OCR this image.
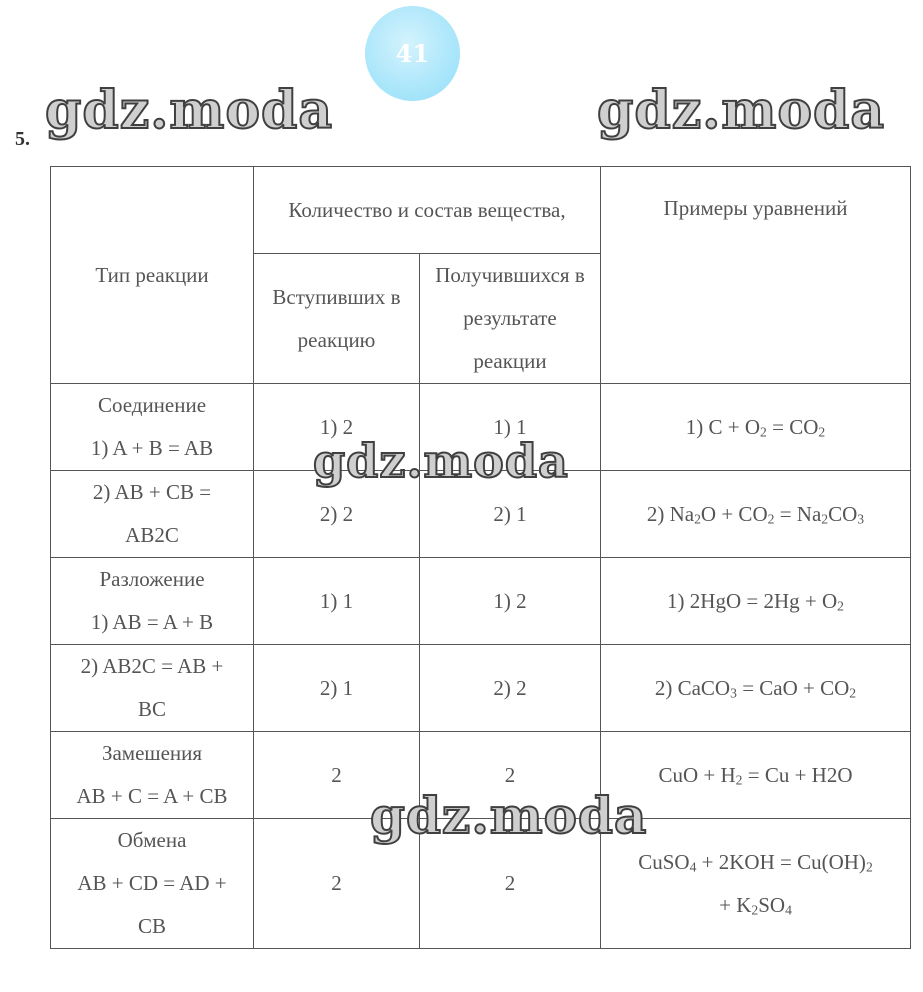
41
5. gdz.moda	gdz.moda
gdz.moda
gdz.moda
Тип реакции	Количество и состав вещества,		Примеры уравнений
	Вступивших в реакцию	Получившихся в результате реакции	

Соединение
1) A + B = AB	1) 2	1) 1	1) $C + O_2 = CO_2$

2) AB + CB =
AB2C	2) 2	2) 1	2) $Na_2O + CO_2 = Na_2CO_3$

Разложение
1) AB = A + B	1) 1	1) 2	1) $2HgO = 2Hg + O_2$

2) AB2C = AB +
BC	2) 1	2) 2	2) CaCO$_3$ = CaO + $CO_2$

Замешения
AB + C = A + CB	2	2	CuO + $H_2 = Cu + H2O$

Обмена
AB + CD = AD +
CB	2	2	CuSO$_4$ + $2KOH = Cu(OH)_2$
+ $K_2SO_4$
